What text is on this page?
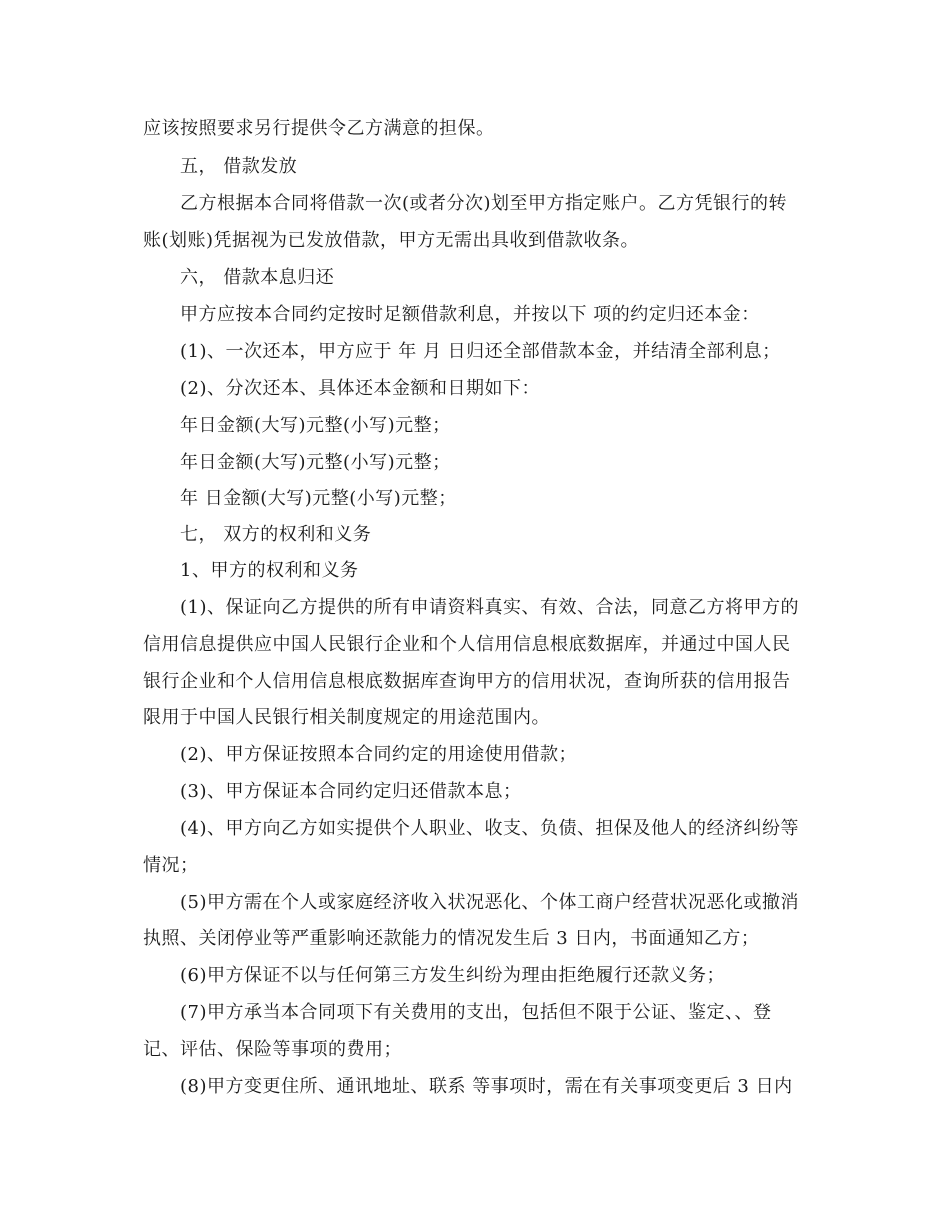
应该按照要求另行提供令乙方满意的担保。
五， 借款发放
乙方根据本合同将借款一次(或者分次)划至甲方指定账户。乙方凭银行的转
账(划账)凭据视为已发放借款，甲方无需出具收到借款收条。
六， 借款本息归还
甲方应按本合同约定按时足额借款利息，并按以下 项的约定归还本金：
(1)、一次还本，甲方应于 年 月 日归还全部借款本金，并结清全部利息；
(2)、分次还本、具体还本金额和日期如下：
年日金额(大写)元整(小写)元整；
年日金额(大写)元整(小写)元整；
年 日金额(大写)元整(小写)元整；
七， 双方的权利和义务
1、甲方的权利和义务
(1)、保证向乙方提供的所有申请资料真实、有效、合法，同意乙方将甲方的
信用信息提供应中国人民银行企业和个人信用信息根底数据库，并通过中国人民
银行企业和个人信用信息根底数据库查询甲方的信用状况，查询所获的信用报告
限用于中国人民银行相关制度规定的用途范围内。
(2)、甲方保证按照本合同约定的用途使用借款；
(3)、甲方保证本合同约定归还借款本息；
(4)、甲方向乙方如实提供个人职业、收支、负债、担保及他人的经济纠纷等
情况；
(5)甲方需在个人或家庭经济收入状况恶化、个体工商户经营状况恶化或撤消
执照、关闭停业等严重影响还款能力的情况发生后 3 日内，书面通知乙方；
(6)甲方保证不以与任何第三方发生纠纷为理由拒绝履行还款义务；
(7)甲方承当本合同项下有关费用的支出，包括但不限于公证、鉴定、、登
记、评估、保险等事项的费用；
(8)甲方变更住所、通讯地址、联系 等事项时，需在有关事项变更后 3 日内
